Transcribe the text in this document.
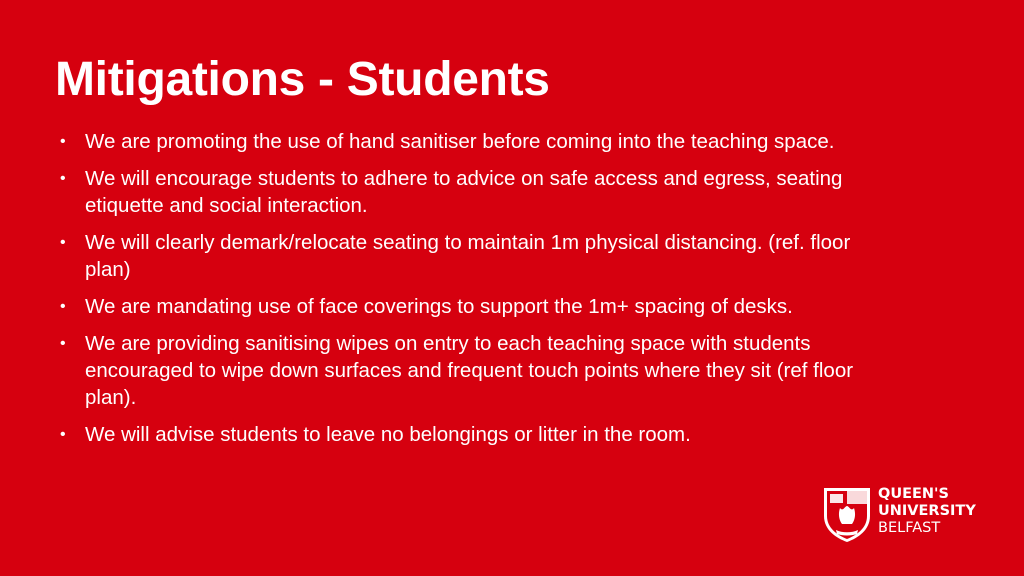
Mitigations - Students
• We are promoting the use of hand sanitiser before coming into the teaching space.
• We will encourage students to adhere to advice on safe access and egress, seating etiquette and social interaction.
• We will clearly demark/relocate seating to maintain 1m physical distancing. (ref. floor plan)
• We are mandating use of face coverings to support the 1m+ spacing of desks.
• We are providing sanitising wipes on entry to each teaching space with students encouraged to wipe down surfaces and frequent touch points where they sit (ref floor plan).
• We will advise students to leave no belongings or litter in the room.
QUEEN'S
UNIVERSITY
BELFAST
